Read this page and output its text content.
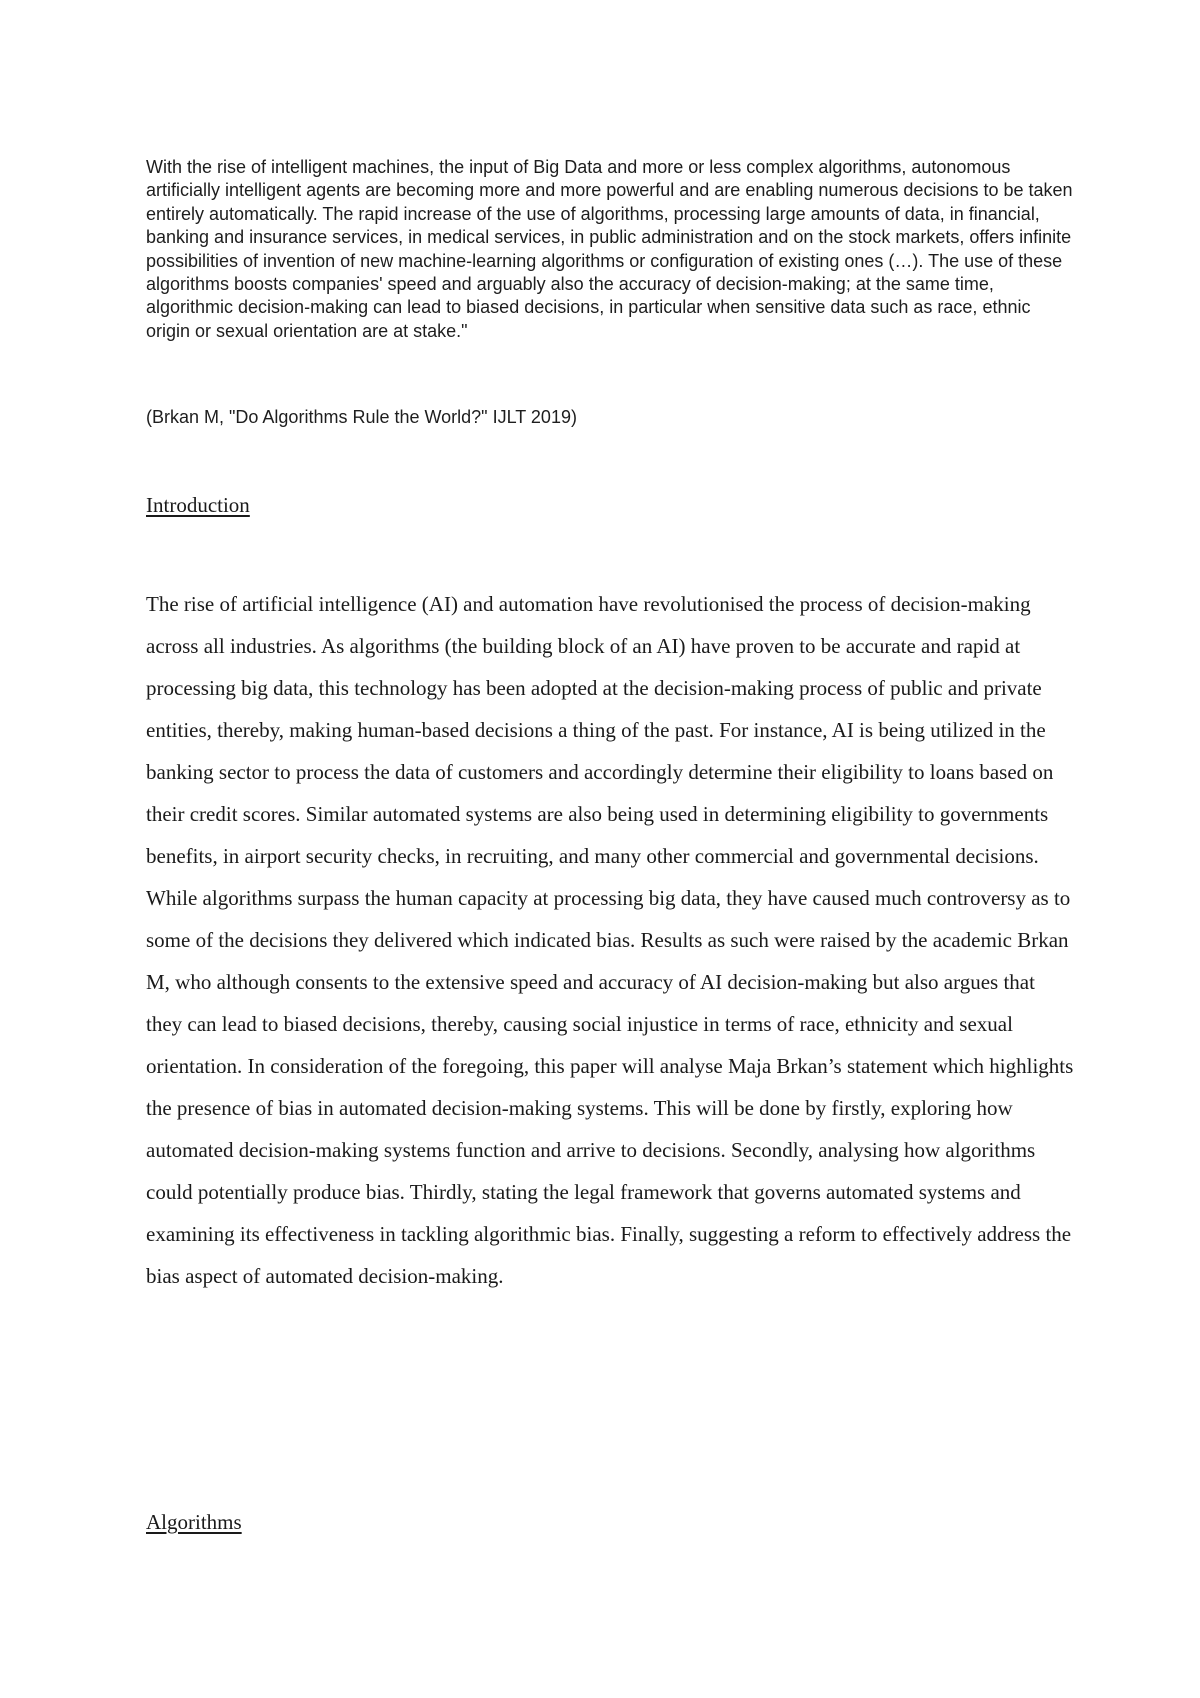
With the rise of intelligent machines, the input of Big Data and more or less complex algorithms, autonomous artificially intelligent agents are becoming more and more powerful and are enabling numerous decisions to be taken entirely automatically. The rapid increase of the use of algorithms, processing large amounts of data, in financial, banking and insurance services, in medical services, in public administration and on the stock markets, offers infinite possibilities of invention of new machine-learning algorithms or configuration of existing ones (…). The use of these algorithms boosts companies' speed and arguably also the accuracy of decision-making; at the same time, algorithmic decision-making can lead to biased decisions, in particular when sensitive data such as race, ethnic origin or sexual orientation are at stake."

(Brkan M, "Do Algorithms Rule the World?" IJLT 2019)

Introduction

The rise of artificial intelligence (AI) and automation have revolutionised the process of decision-making across all industries. As algorithms (the building block of an AI) have proven to be accurate and rapid at processing big data, this technology has been adopted at the decision-making process of public and private entities, thereby, making human-based decisions a thing of the past. For instance, AI is being utilized in the banking sector to process the data of customers and accordingly determine their eligibility to loans based on their credit scores. Similar automated systems are also being used in determining eligibility to governments benefits, in airport security checks, in recruiting, and many other commercial and governmental decisions. While algorithms surpass the human capacity at processing big data, they have caused much controversy as to some of the decisions they delivered which indicated bias. Results as such were raised by the academic Brkan M, who although consents to the extensive speed and accuracy of AI decision-making but also argues that they can lead to biased decisions, thereby, causing social injustice in terms of race, ethnicity and sexual orientation. In consideration of the foregoing, this paper will analyse Maja Brkan’s statement which highlights the presence of bias in automated decision-making systems. This will be done by firstly, exploring how automated decision-making systems function and arrive to decisions. Secondly, analysing how algorithms could potentially produce bias. Thirdly, stating the legal framework that governs automated systems and examining its effectiveness in tackling algorithmic bias. Finally, suggesting a reform to effectively address the bias aspect of automated decision-making.

Algorithms
